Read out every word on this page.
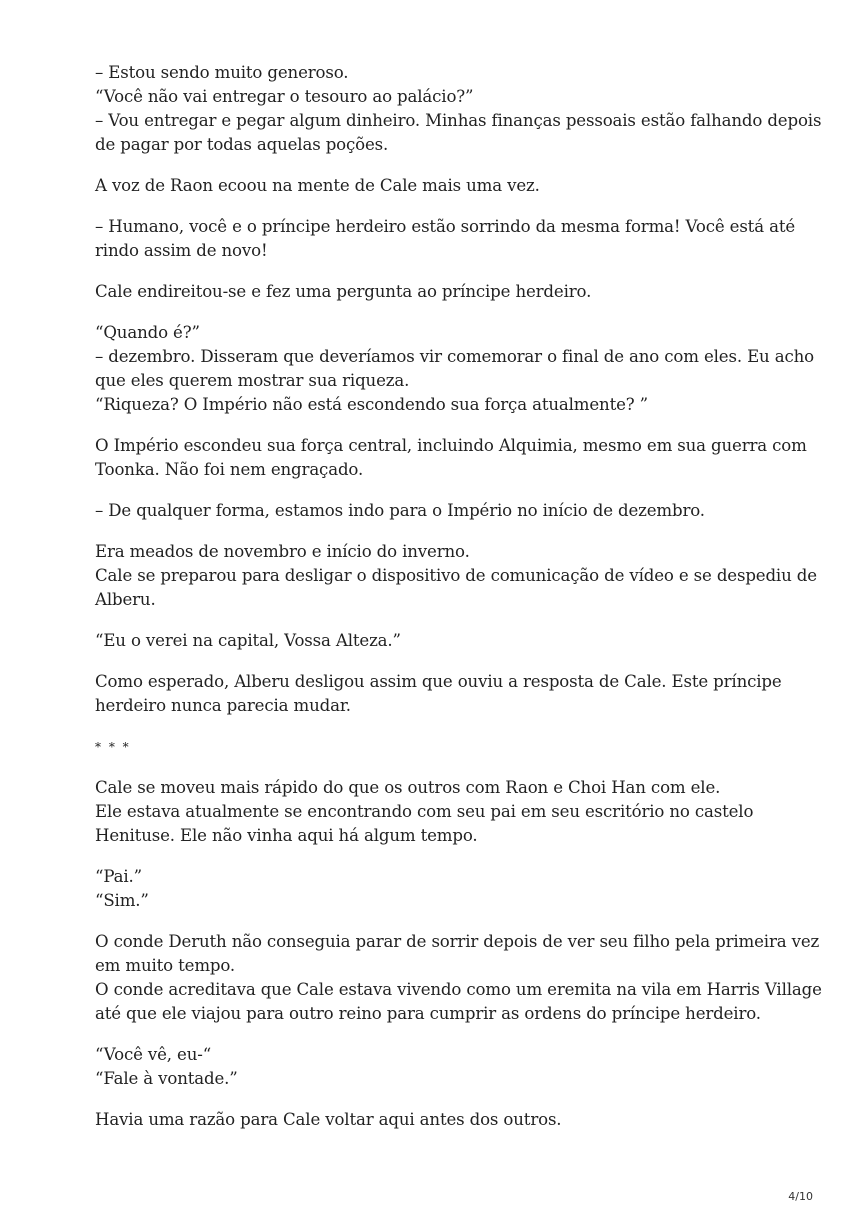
– Estou sendo muito generoso.
“Você não vai entregar o tesouro ao palácio?”
– Vou entregar e pegar algum dinheiro. Minhas finanças pessoais estão falhando depois
de pagar por todas aquelas poções.
A voz de Raon ecoou na mente de Cale mais uma vez.
– Humano, você e o príncipe herdeiro estão sorrindo da mesma forma! Você está até
rindo assim de novo!
Cale endireitou-se e fez uma pergunta ao príncipe herdeiro.
“Quando é?”
– dezembro. Disseram que deveríamos vir comemorar o final de ano com eles. Eu acho
que eles querem mostrar sua riqueza.
“Riqueza? O Império não está escondendo sua força atualmente? ”
O Império escondeu sua força central, incluindo Alquimia, mesmo em sua guerra com
Toonka. Não foi nem engraçado.
– De qualquer forma, estamos indo para o Império no início de dezembro.
Era meados de novembro e início do inverno.
Cale se preparou para desligar o dispositivo de comunicação de vídeo e se despediu de
Alberu.
“Eu o verei na capital, Vossa Alteza.”
Como esperado, Alberu desligou assim que ouviu a resposta de Cale. Este príncipe
herdeiro nunca parecia mudar.
* * *
Cale se moveu mais rápido do que os outros com Raon e Choi Han com ele.
Ele estava atualmente se encontrando com seu pai em seu escritório no castelo
Henituse. Ele não vinha aqui há algum tempo.
“Pai.”
“Sim.”
O conde Deruth não conseguia parar de sorrir depois de ver seu filho pela primeira vez
em muito tempo.
O conde acreditava que Cale estava vivendo como um eremita na vila em Harris Village
até que ele viajou para outro reino para cumprir as ordens do príncipe herdeiro.
“Você vê, eu-“
“Fale à vontade.”
Havia uma razão para Cale voltar aqui antes dos outros.
4/10
